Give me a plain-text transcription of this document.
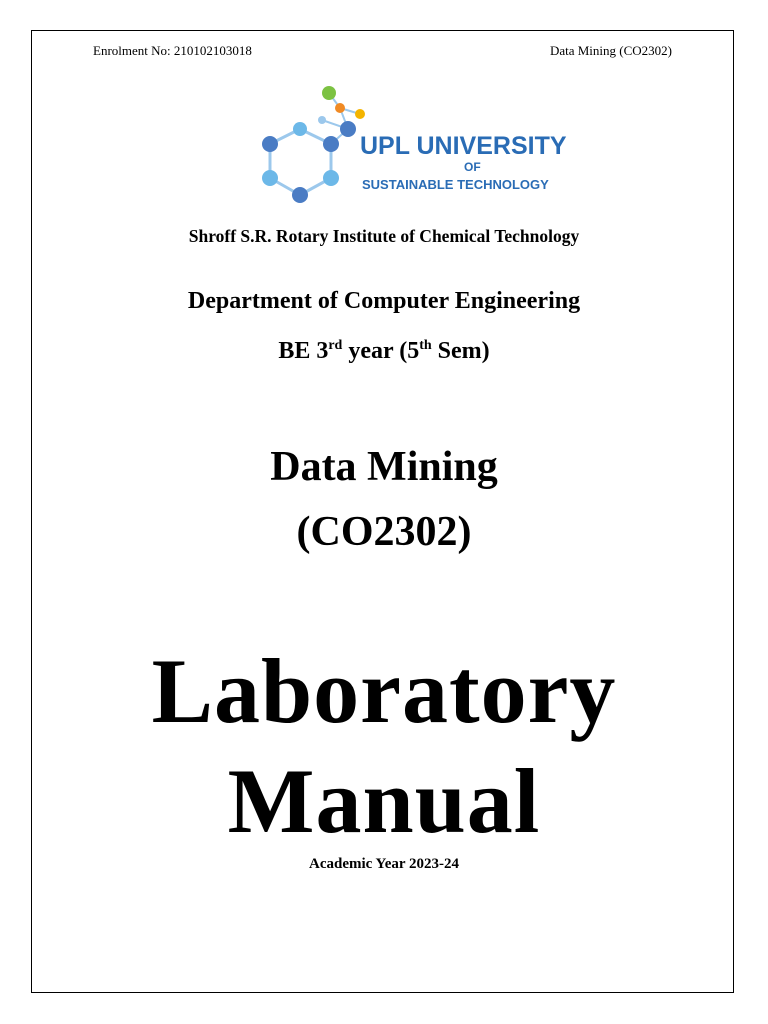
Enrolment No: 210102103018	Data Mining (CO2302)
UPL UNIVERSITY
OF
SUSTAINABLE TECHNOLOGY
Shroff S.R. Rotary Institute of Chemical Technology
Department of Computer Engineering
BE 3rd year (5th Sem)
Data Mining
(CO2302)
Laboratory
Manual
Academic Year 2023-24
